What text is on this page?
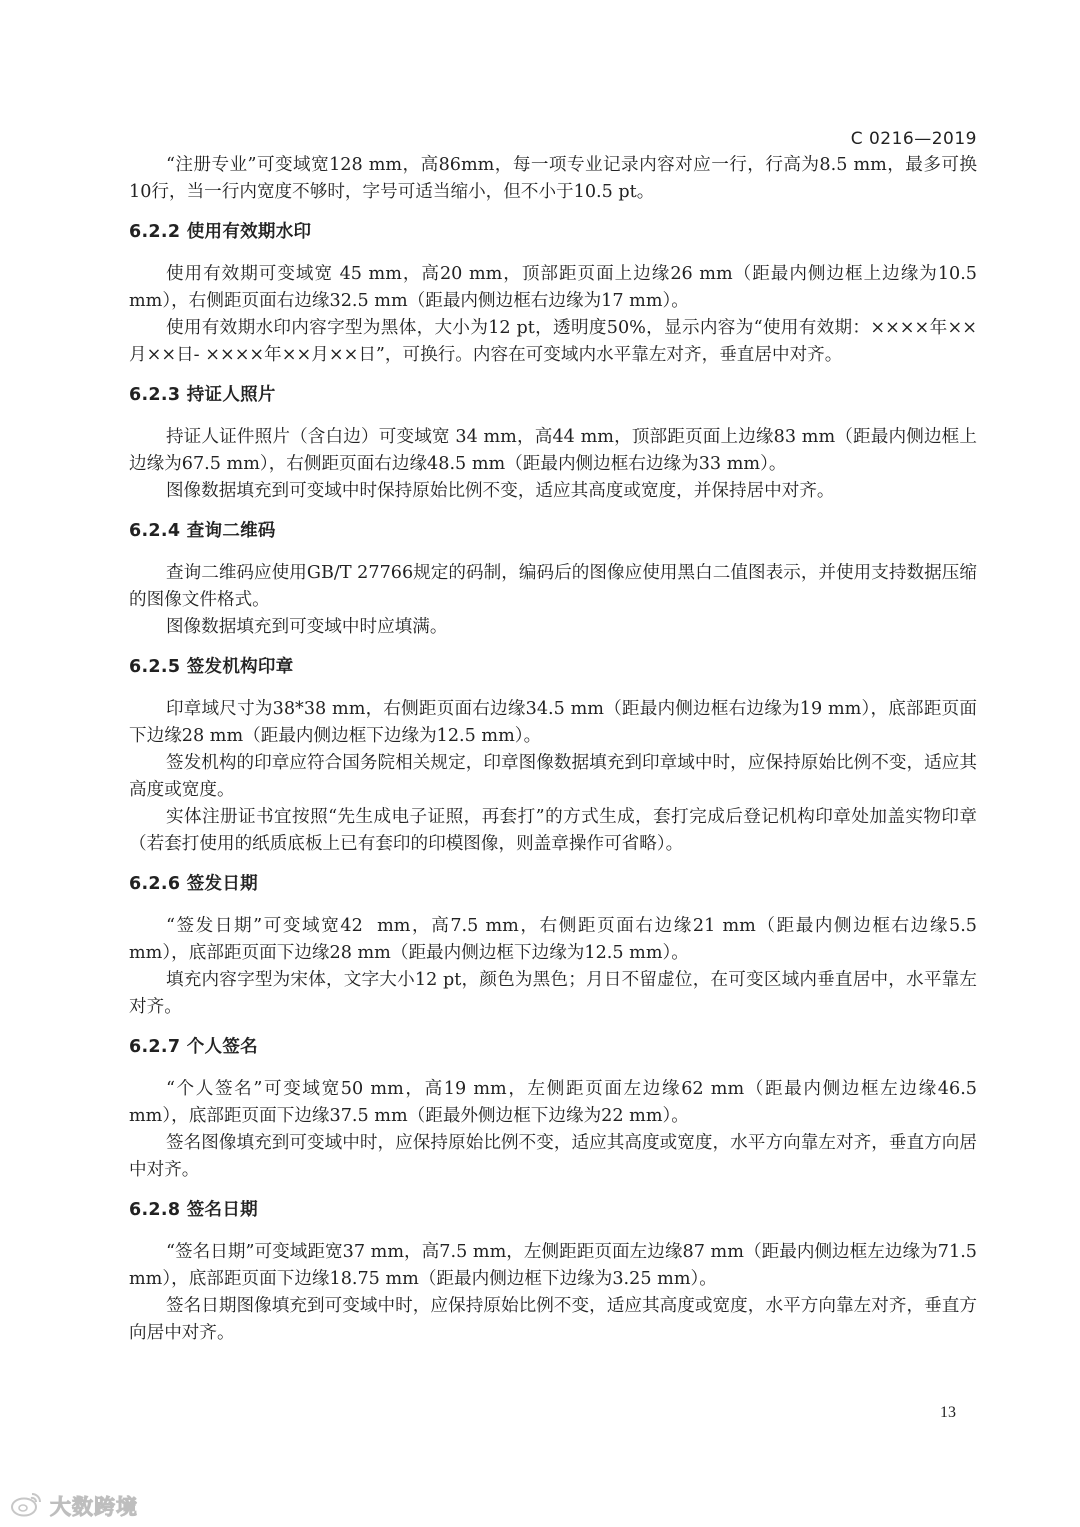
C 0216—2019

“注册专业”可变域宽128 mm，高86mm，每一项专业记录内容对应一行，行高为8.5 mm，最多可换10行，当一行内宽度不够时，字号可适当缩小，但不小于10.5 pt。

6.2.2 使用有效期水印

使用有效期可变域宽 45 mm，高20 mm，顶部距页面上边缘26 mm（距最内侧边框上边缘为10.5 mm），右侧距页面右边缘32.5 mm（距最内侧边框右边缘为17 mm）。

使用有效期水印内容字型为黑体，大小为12 pt，透明度50%，显示内容为“使用有效期：××××年××月××日- ××××年××月××日”，可换行。内容在可变域内水平靠左对齐，垂直居中对齐。

6.2.3 持证人照片

持证人证件照片（含白边）可变域宽 34 mm，高44 mm，顶部距页面上边缘83 mm（距最内侧边框上边缘为67.5 mm），右侧距页面右边缘48.5 mm（距最内侧边框右边缘为33 mm）。

图像数据填充到可变域中时保持原始比例不变，适应其高度或宽度，并保持居中对齐。

6.2.4 查询二维码

查询二维码应使用GB/T 27766规定的码制，编码后的图像应使用黑白二值图表示，并使用支持数据压缩的图像文件格式。

图像数据填充到可变域中时应填满。

6.2.5 签发机构印章

印章域尺寸为38*38 mm，右侧距页面右边缘34.5 mm（距最内侧边框右边缘为19 mm），底部距页面下边缘28 mm（距最内侧边框下边缘为12.5 mm）。

签发机构的印章应符合国务院相关规定，印章图像数据填充到印章域中时，应保持原始比例不变，适应其高度或宽度。

实体注册证书宜按照“先生成电子证照，再套打”的方式生成，套打完成后登记机构印章处加盖实物印章（若套打使用的纸质底板上已有套印的印模图像，则盖章操作可省略）。

6.2.6 签发日期

“签发日期”可变域宽42  mm，高7.5 mm，右侧距页面右边缘21 mm（距最内侧边框右边缘5.5 mm），底部距页面下边缘28 mm（距最内侧边框下边缘为12.5 mm）。

填充内容字型为宋体，文字大小12 pt，颜色为黑色；月日不留虚位，在可变区域内垂直居中，水平靠左对齐。

6.2.7 个人签名

“个人签名”可变域宽50 mm，高19 mm，左侧距页面左边缘62 mm（距最内侧边框左边缘46.5 mm），底部距页面下边缘37.5 mm（距最外侧边框下边缘为22 mm）。

签名图像填充到可变域中时，应保持原始比例不变，适应其高度或宽度，水平方向靠左对齐，垂直方向居中对齐。

6.2.8 签名日期

“签名日期”可变域距宽37 mm，高7.5 mm，左侧距距页面左边缘87 mm（距最内侧边框左边缘为71.5 mm），底部距页面下边缘18.75 mm（距最内侧边框下边缘为3.25 mm）。

签名日期图像填充到可变域中时，应保持原始比例不变，适应其高度或宽度，水平方向靠左对齐，垂直方向居中对齐。

13
大数跨境
